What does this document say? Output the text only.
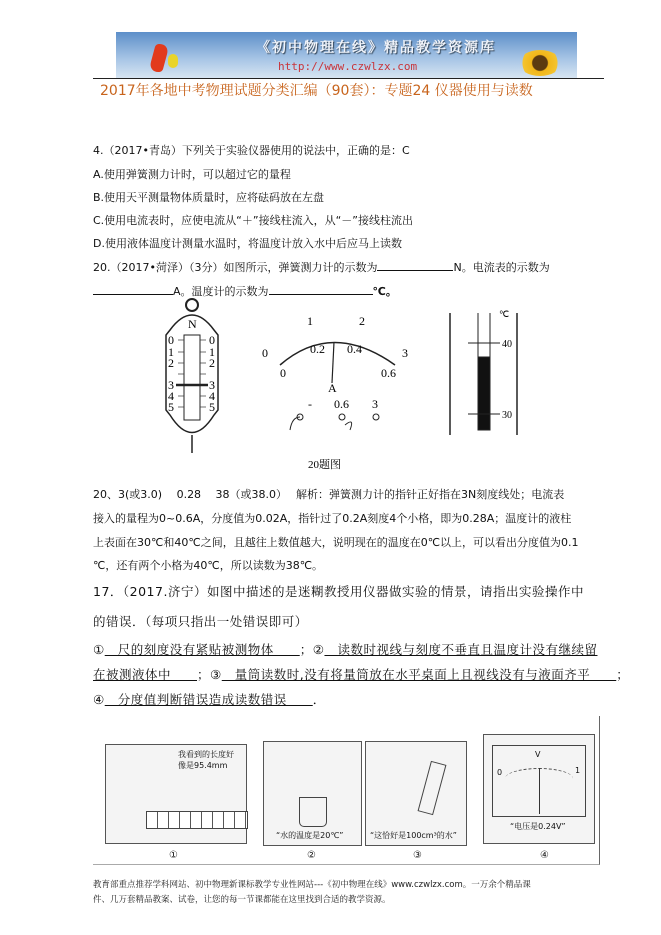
《初中物理在线》精品教学资源库
http://www.czwlzx.com
2017年各地中考物理试题分类汇编（90套）：专题24 仪器使用与读数
4.（2017•青岛）下列关于实验仪器使用的说法中，正确的是：C
A.使用弹簧测力计时，可以超过它的量程
B.使用天平测量物体质量时，应将砝码放在左盘
C.使用电流表时，应使电流从“＋”接线柱流入，从“－”接线柱流出
D.使用液体温度计测量水温时，将温度计放入水中后应马上读数
20.（2017•菏泽）（3分）如图所示，弹簧测力计的示数为	N。电流表的示数为
A。温度计的示数为	℃。
N
0
1
2
3
4
5
0
1
2
3
4
5
0
1	2
3
0
0.2 0.4
0.6
A
- 0.6 3
℃
40
30
20题图
20、3(或3.0)　 0.28　 38（或38.0）　 解析：弹簧测力计的指针正好指在3N刻度线处；电流表
接入的量程为0~0.6A，分度值为0.02A，指针过了0.2A刻度4个小格，即为0.28A；温度计的液柱
上表面在30℃和40℃之间，且越往上数值越大，说明现在的温度在0℃以上，可以看出分度值为0.1
℃，还有两个小格为40℃，所以读数为38℃。
17．（2017.济宁）如图中描述的是迷糊教授用仪器做实验的情景，请指出实验操作中
的错误．（每项只指出一处错误即可）
①　尺的刻度没有紧贴被测物体　　；②　读数时视线与刻度不垂直且温度计没有继续留
在被测液体中　　；③　量筒读数时,没有将量筒放在水平桌面上且视线没有与液面齐平　　；
④　分度值判断错误造成读数错误　　．
我看到的长度好像是95.4mm
“水的温度是20℃”	“这恰好是100cm³的水”
V
0	1
“电压是0.24V”
①	②	③	④
教育部重点推荐学科网站、初中物理新课标教学专业性网站---《初中物理在线》www.czwlzx.com。一万余个精品课
件、几万套精品教案、试卷，让您的每一节课都能在这里找到合适的教学资源。
